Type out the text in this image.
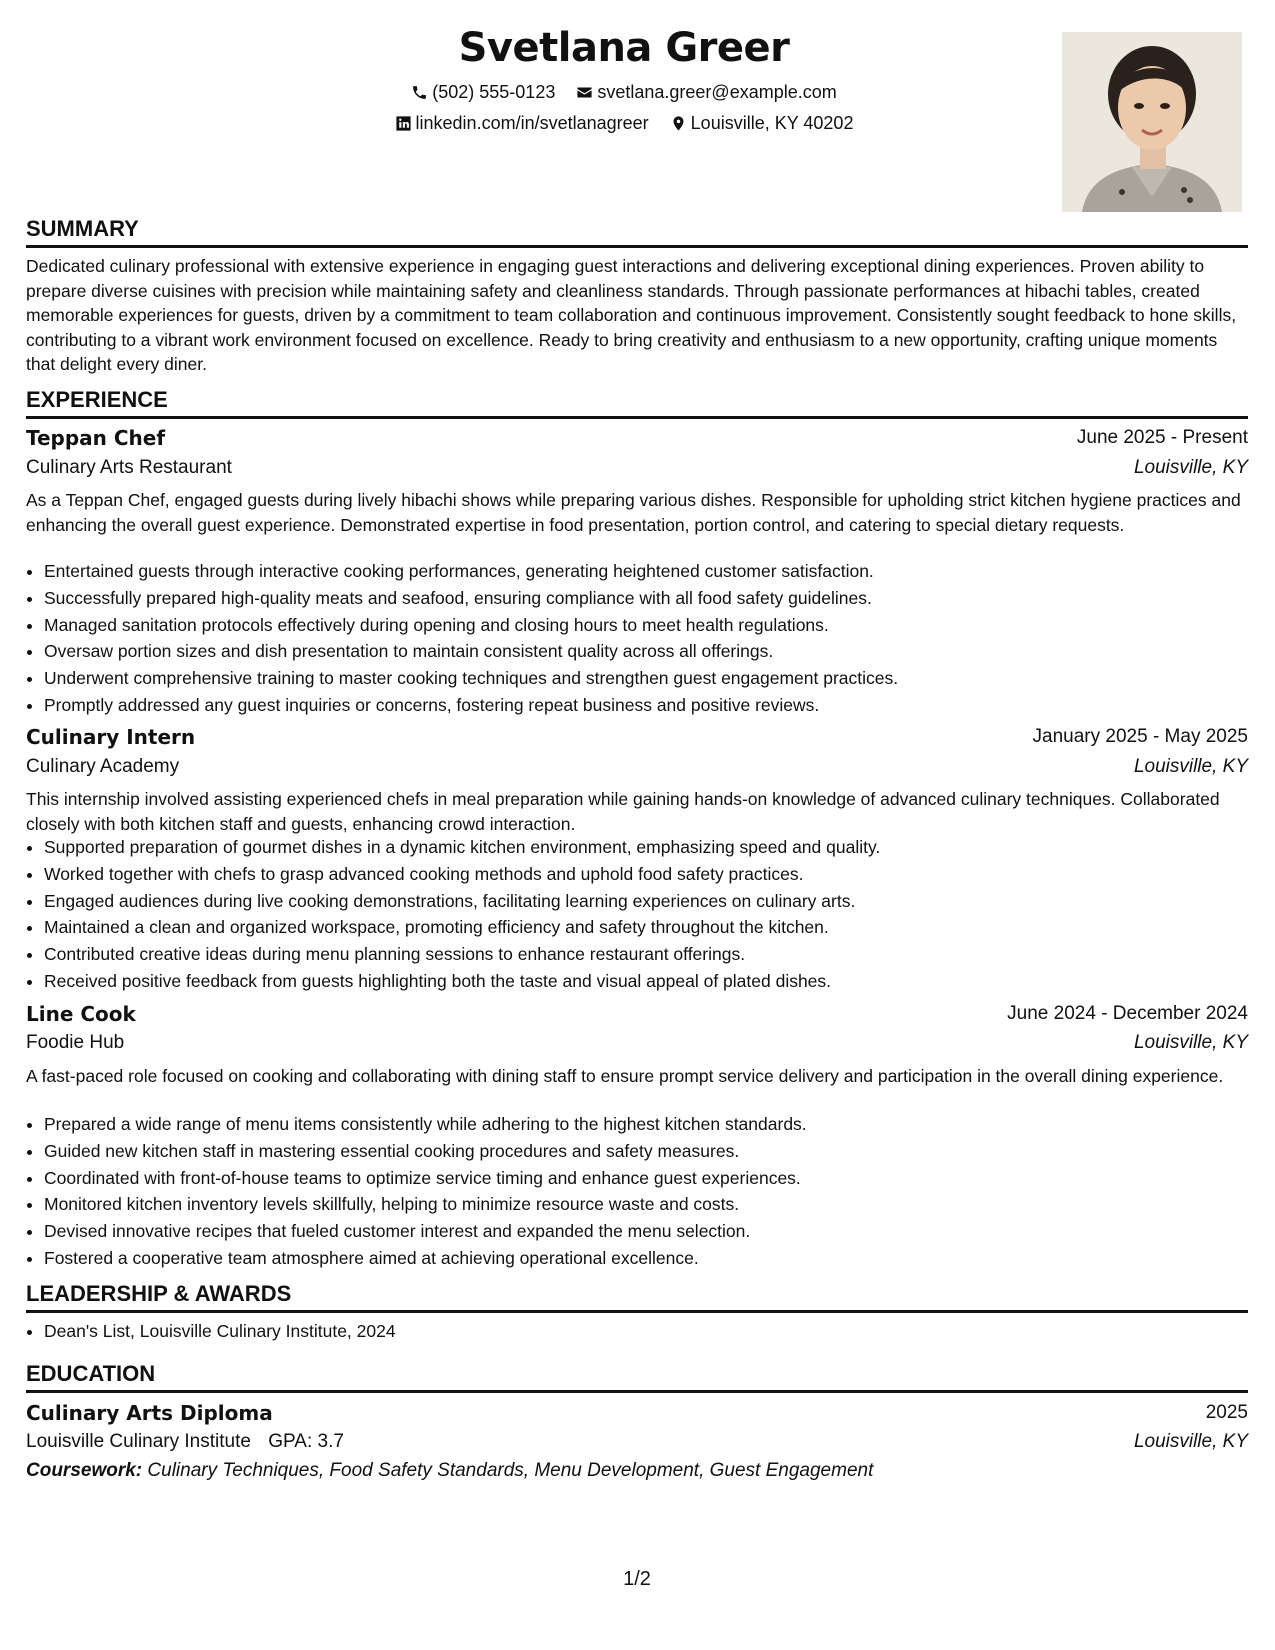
Svetlana Greer
(502) 555-0123
svetlana.greer@example.com
linkedin.com/in/svetlanagreer
Louisville, KY 40202
SUMMARY
Dedicated culinary professional with extensive experience in engaging guest interactions and delivering exceptional dining experiences. Proven ability to prepare diverse cuisines with precision while maintaining safety and cleanliness standards. Through passionate performances at hibachi tables, created memorable experiences for guests, driven by a commitment to team collaboration and continuous improvement. Consistently sought feedback to hone skills, contributing to a vibrant work environment focused on excellence. Ready to bring creativity and enthusiasm to a new opportunity, crafting unique moments that delight every diner.
EXPERIENCE
Teppan Chef	June 2025 - Present
Culinary Arts Restaurant	Louisville, KY
As a Teppan Chef, engaged guests during lively hibachi shows while preparing various dishes. Responsible for upholding strict kitchen hygiene practices and enhancing the overall guest experience. Demonstrated expertise in food presentation, portion control, and catering to special dietary requests.
• Entertained guests through interactive cooking performances, generating heightened customer satisfaction.
• Successfully prepared high-quality meats and seafood, ensuring compliance with all food safety guidelines.
• Managed sanitation protocols effectively during opening and closing hours to meet health regulations.
• Oversaw portion sizes and dish presentation to maintain consistent quality across all offerings.
• Underwent comprehensive training to master cooking techniques and strengthen guest engagement practices.
• Promptly addressed any guest inquiries or concerns, fostering repeat business and positive reviews.
Culinary Intern	January 2025 - May 2025
Culinary Academy	Louisville, KY
This internship involved assisting experienced chefs in meal preparation while gaining hands-on knowledge of advanced culinary techniques. Collaborated closely with both kitchen staff and guests, enhancing crowd interaction.
• Supported preparation of gourmet dishes in a dynamic kitchen environment, emphasizing speed and quality.
• Worked together with chefs to grasp advanced cooking methods and uphold food safety practices.
• Engaged audiences during live cooking demonstrations, facilitating learning experiences on culinary arts.
• Maintained a clean and organized workspace, promoting efficiency and safety throughout the kitchen.
• Contributed creative ideas during menu planning sessions to enhance restaurant offerings.
• Received positive feedback from guests highlighting both the taste and visual appeal of plated dishes.
Line Cook	June 2024 - December 2024
Foodie Hub	Louisville, KY
A fast-paced role focused on cooking and collaborating with dining staff to ensure prompt service delivery and participation in the overall dining experience.
• Prepared a wide range of menu items consistently while adhering to the highest kitchen standards.
• Guided new kitchen staff in mastering essential cooking procedures and safety measures.
• Coordinated with front-of-house teams to optimize service timing and enhance guest experiences.
• Monitored kitchen inventory levels skillfully, helping to minimize resource waste and costs.
• Devised innovative recipes that fueled customer interest and expanded the menu selection.
• Fostered a cooperative team atmosphere aimed at achieving operational excellence.
LEADERSHIP & AWARDS
• Dean's List, Louisville Culinary Institute, 2024
EDUCATION
Culinary Arts Diploma	2025
Louisville Culinary Institute GPA: 3.7	Louisville, KY
Coursework: Culinary Techniques, Food Safety Standards, Menu Development, Guest Engagement
1/2
